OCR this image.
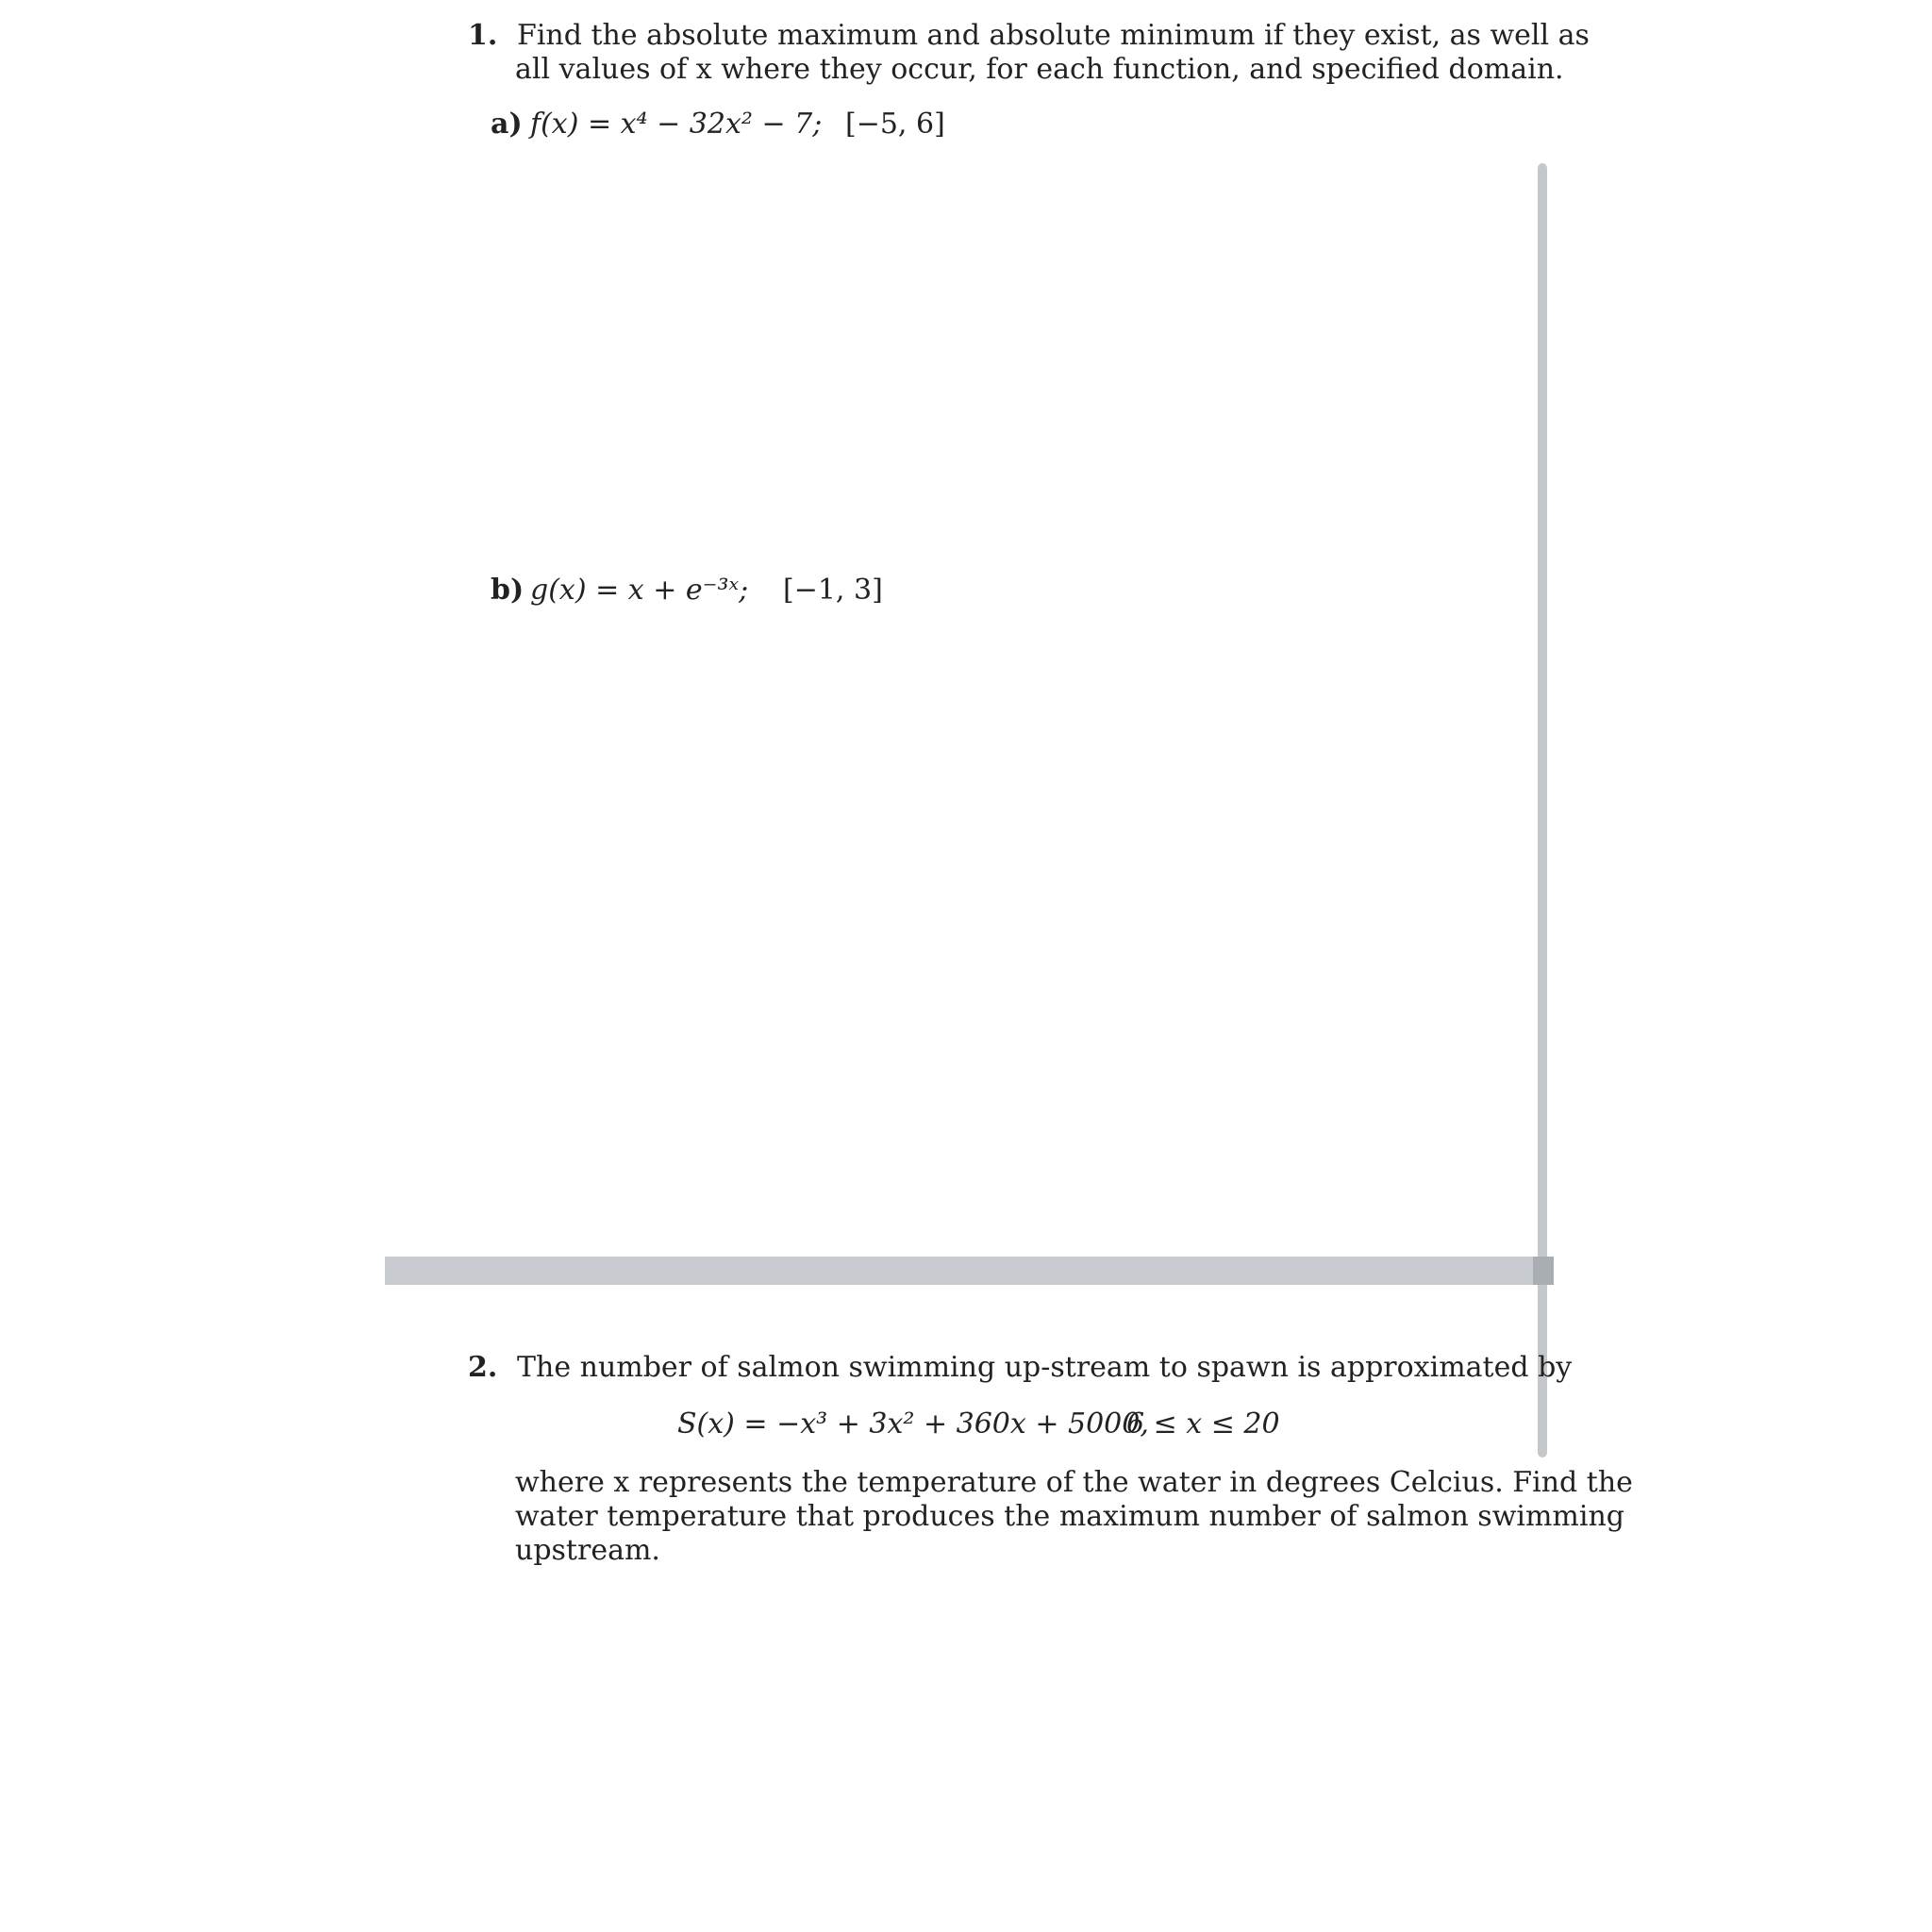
1. Find the absolute maximum and absolute minimum if they exist, as well as
all values of x where they occur, for each function, and specified domain.
a) f(x) = x⁴ − 32x² − 7; [−5, 6]
b) g(x) = x + e⁻³ˣ; [−1, 3]
2. The number of salmon swimming up-stream to spawn is approximated by
S(x) = −x³ + 3x² + 360x + 5000,
6 ≤ x ≤ 20
where x represents the temperature of the water in degrees Celcius. Find the
water temperature that produces the maximum number of salmon swimming
upstream.
